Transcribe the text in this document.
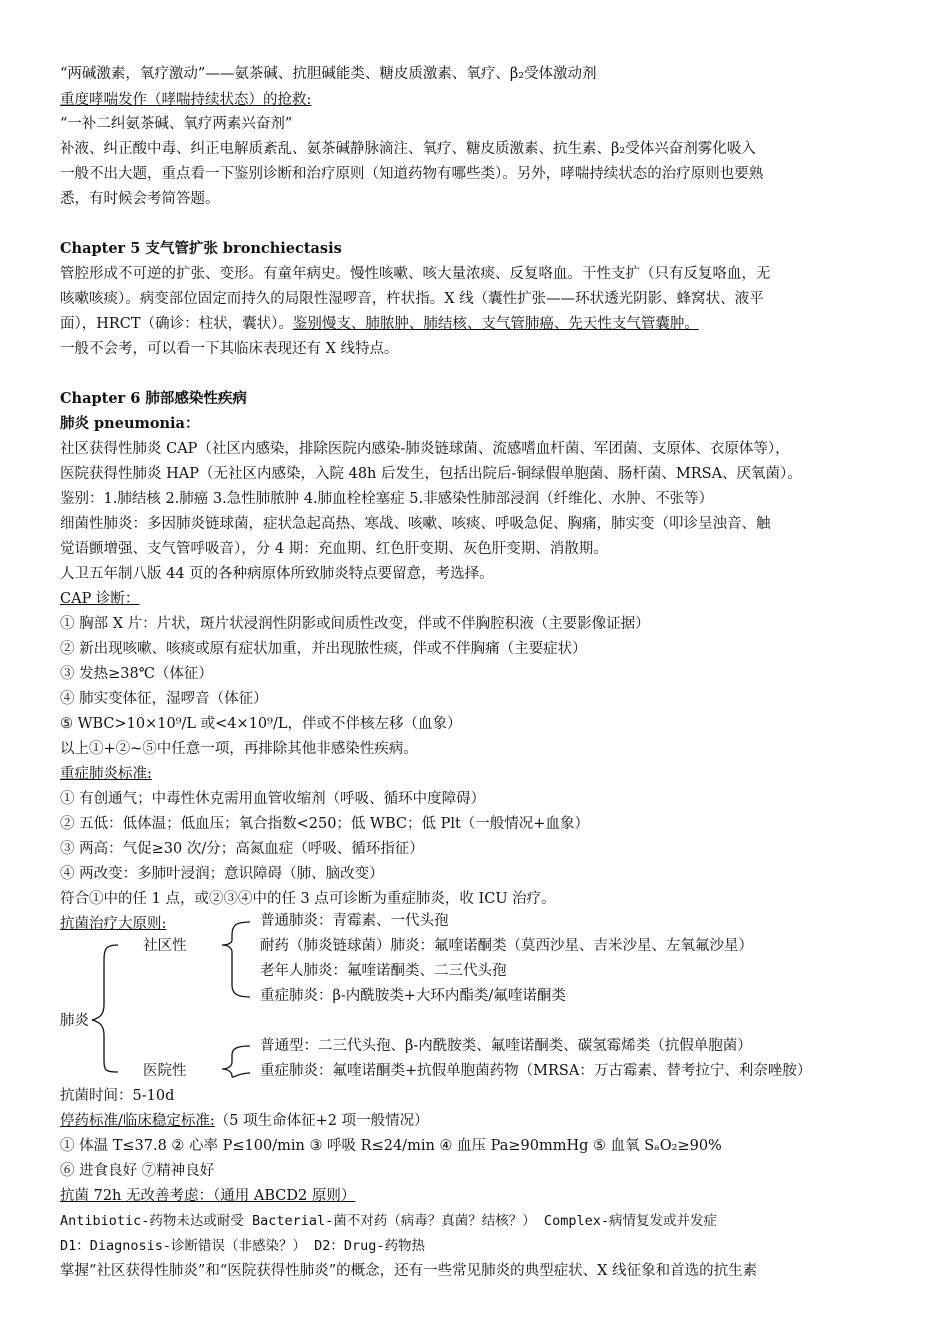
“两碱激素，氧疗激动”——氨茶碱、抗胆碱能类、糖皮质激素、氧疗、β₂受体激动剂
重度哮喘发作（哮喘持续状态）的抢救:
“一补二纠氨茶碱、氧疗两素兴奋剂”
补液、纠正酸中毒、纠正电解质紊乱、氨茶碱静脉滴注、氧疗、糖皮质激素、抗生素、β₂受体兴奋剂雾化吸入
一般不出大题，重点看一下鉴别诊断和治疗原则（知道药物有哪些类）。另外，哮喘持续状态的治疗原则也要熟
悉，有时候会考简答题。
Chapter 5 支气管扩张 bronchiectasis
管腔形成不可逆的扩张、变形。有童年病史。慢性咳嗽、咳大量浓痰、反复咯血。干性支扩（只有反复咯血，无
咳嗽咳痰）。病变部位固定而持久的局限性湿啰音，杵状指。X 线（囊性扩张——环状透光阴影、蜂窝状、液平
面），HRCT（确诊：柱状，囊状）。鉴别慢支、肺脓肿、肺结核、支气管肺癌、先天性支气管囊肿。
一般不会考，可以看一下其临床表现还有 X 线特点。
Chapter 6 肺部感染性疾病
肺炎 pneumonia：
社区获得性肺炎 CAP（社区内感染，排除医院内感染-肺炎链球菌、流感嗜血杆菌、军团菌、支原体、衣原体等），
医院获得性肺炎 HAP（无社区内感染，入院 48h 后发生，包括出院后-铜绿假单胞菌、肠杆菌、MRSA、厌氧菌）。
鉴别：1.肺结核 2.肺癌 3.急性肺脓肿 4.肺血栓栓塞症 5.非感染性肺部浸润（纤维化、水肿、不张等）
细菌性肺炎：多因肺炎链球菌，症状急起高热、寒战、咳嗽、咳痰、呼吸急促、胸痛，肺实变（叩诊呈浊音、触
觉语颤增强、支气管呼吸音），分 4 期：充血期、红色肝变期、灰色肝变期、消散期。
人卫五年制八版 44 页的各种病原体所致肺炎特点要留意，考选择。
CAP 诊断：
① 胸部 X 片：片状，斑片状浸润性阴影或间质性改变，伴或不伴胸腔积液（主要影像证据）
② 新出现咳嗽、咳痰或原有症状加重，并出现脓性痰，伴或不伴胸痛（主要症状）
③ 发热≥38℃（体征）
④ 肺实变体征，湿啰音（体征）
⑤ WBC>10×10⁹/L 或<4×10⁹/L，伴或不伴核左移（血象）
以上①+②~⑤中任意一项，再排除其他非感染性疾病。
重症肺炎标准:
① 有创通气；中毒性休克需用血管收缩剂（呼吸、循环中度障碍）
② 五低：低体温；低血压；氧合指数<250；低 WBC；低 Plt（一般情况+血象）
③ 两高：气促≥30 次/分；高氮血症（呼吸、循环指征）
④ 两改变：多肺叶浸润；意识障碍（肺、脑改变）
符合①中的任 1 点，或②③④中的任 3 点可诊断为重症肺炎，收 ICU 治疗。
抗菌治疗大原则:
肺炎
社区性
医院性
普通肺炎：青霉素、一代头孢
耐药（肺炎链球菌）肺炎：氟喹诺酮类（莫西沙星、吉米沙星、左氧氟沙星）
老年人肺炎：氟喹诺酮类、二三代头孢
重症肺炎：β-内酰胺类+大环内酯类/氟喹诺酮类
普通型：二三代头孢、β-内酰胺类、氟喹诺酮类、碳氢霉烯类（抗假单胞菌）
重症肺炎：氟喹诺酮类+抗假单胞菌药物（MRSA：万古霉素、替考拉宁、利奈唑胺）
抗菌时间：5-10d
停药标准/临床稳定标准:（5 项生命体征+2 项一般情况）
① 体温 T≤37.8 ② 心率 P≤100/min ③ 呼吸 R≤24/min ④ 血压 Pa≥90mmHg ⑤ 血氧 SₐO₂≥90%
⑥ 进食良好 ⑦精神良好
抗菌 72h 无改善考虑：（通用 ABCD2 原则）
Antibiotic-药物未达或耐受 Bacterial-菌不对药（病毒？真菌？结核？） Complex-病情复发或并发症
D1：Diagnosis-诊断错误（非感染？） D2：Drug-药物热
掌握“社区获得性肺炎”和“医院获得性肺炎”的概念，还有一些常见肺炎的典型症状、X 线征象和首选的抗生素
